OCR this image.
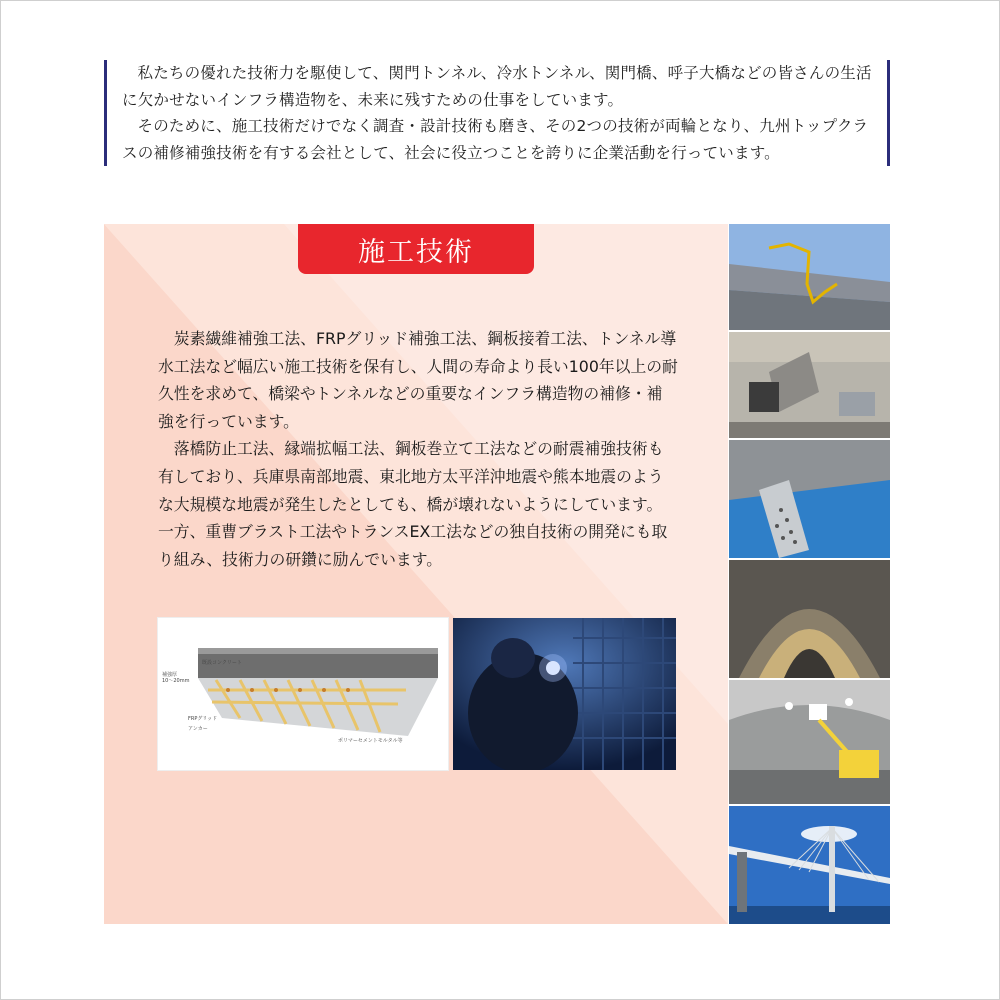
私たちの優れた技術力を駆使して、関門トンネル、冷水トンネル、関門橋、呼子大橋などの皆さんの生活に欠かせないインフラ構造物を、未来に残すための仕事をしています。

そのために、施工技術だけでなく調査・設計技術も磨き、その2つの技術が両輪となり、九州トップクラスの補修補強技術を有する会社として、社会に役立つことを誇りに企業活動を行っています。

施工技術

炭素繊維補強工法、FRPグリッド補強工法、鋼板接着工法、トンネル導水工法など幅広い施工技術を保有し、人間の寿命より長い100年以上の耐久性を求めて、橋梁やトンネルなどの重要なインフラ構造物の補修・補強を行っています。

落橋防止工法、縁端拡幅工法、鋼板巻立て工法などの耐震補強技術も有しており、兵庫県南部地震、東北地方太平洋沖地震や熊本地震のような大規模な地震が発生したとしても、橋が壊れないようにしています。一方、重曹ブラスト工法やトランスEX工法などの独自技術の開発にも取り組み、技術力の研鑽に励んでいます。

既設コンクリート
補強厚
10～20mm
FRPグリッド
アンカー
ポリマーセメントモルタル等
